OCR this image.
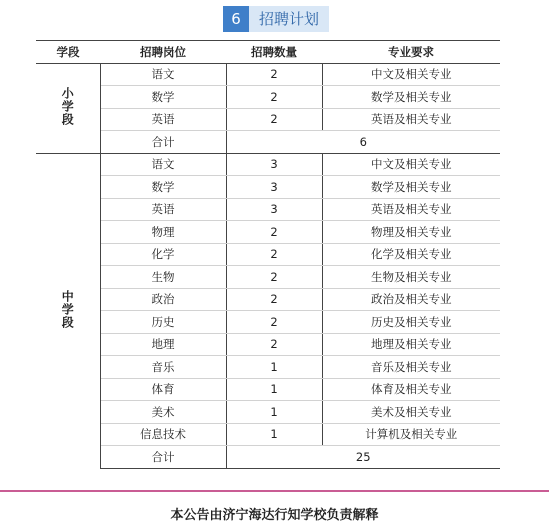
6	招聘计划
学段	招聘岗位	招聘数量	专业要求
小学段	语文	2	中文及相关专业
	数学	2	数学及相关专业
	英语	2	英语及相关专业
	合计	6	
中学段	语文	3	中文及相关专业
	数学	3	数学及相关专业
	英语	3	英语及相关专业
	物理	2	物理及相关专业
	化学	2	化学及相关专业
	生物	2	生物及相关专业
	政治	2	政治及相关专业
	历史	2	历史及相关专业
	地理	2	地理及相关专业
	音乐	1	音乐及相关专业
	体育	1	体育及相关专业
	美术	1	美术及相关专业
	信息技术	1	计算机及相关专业
	合计	25	
本公告由济宁海达行知学校负责解释
